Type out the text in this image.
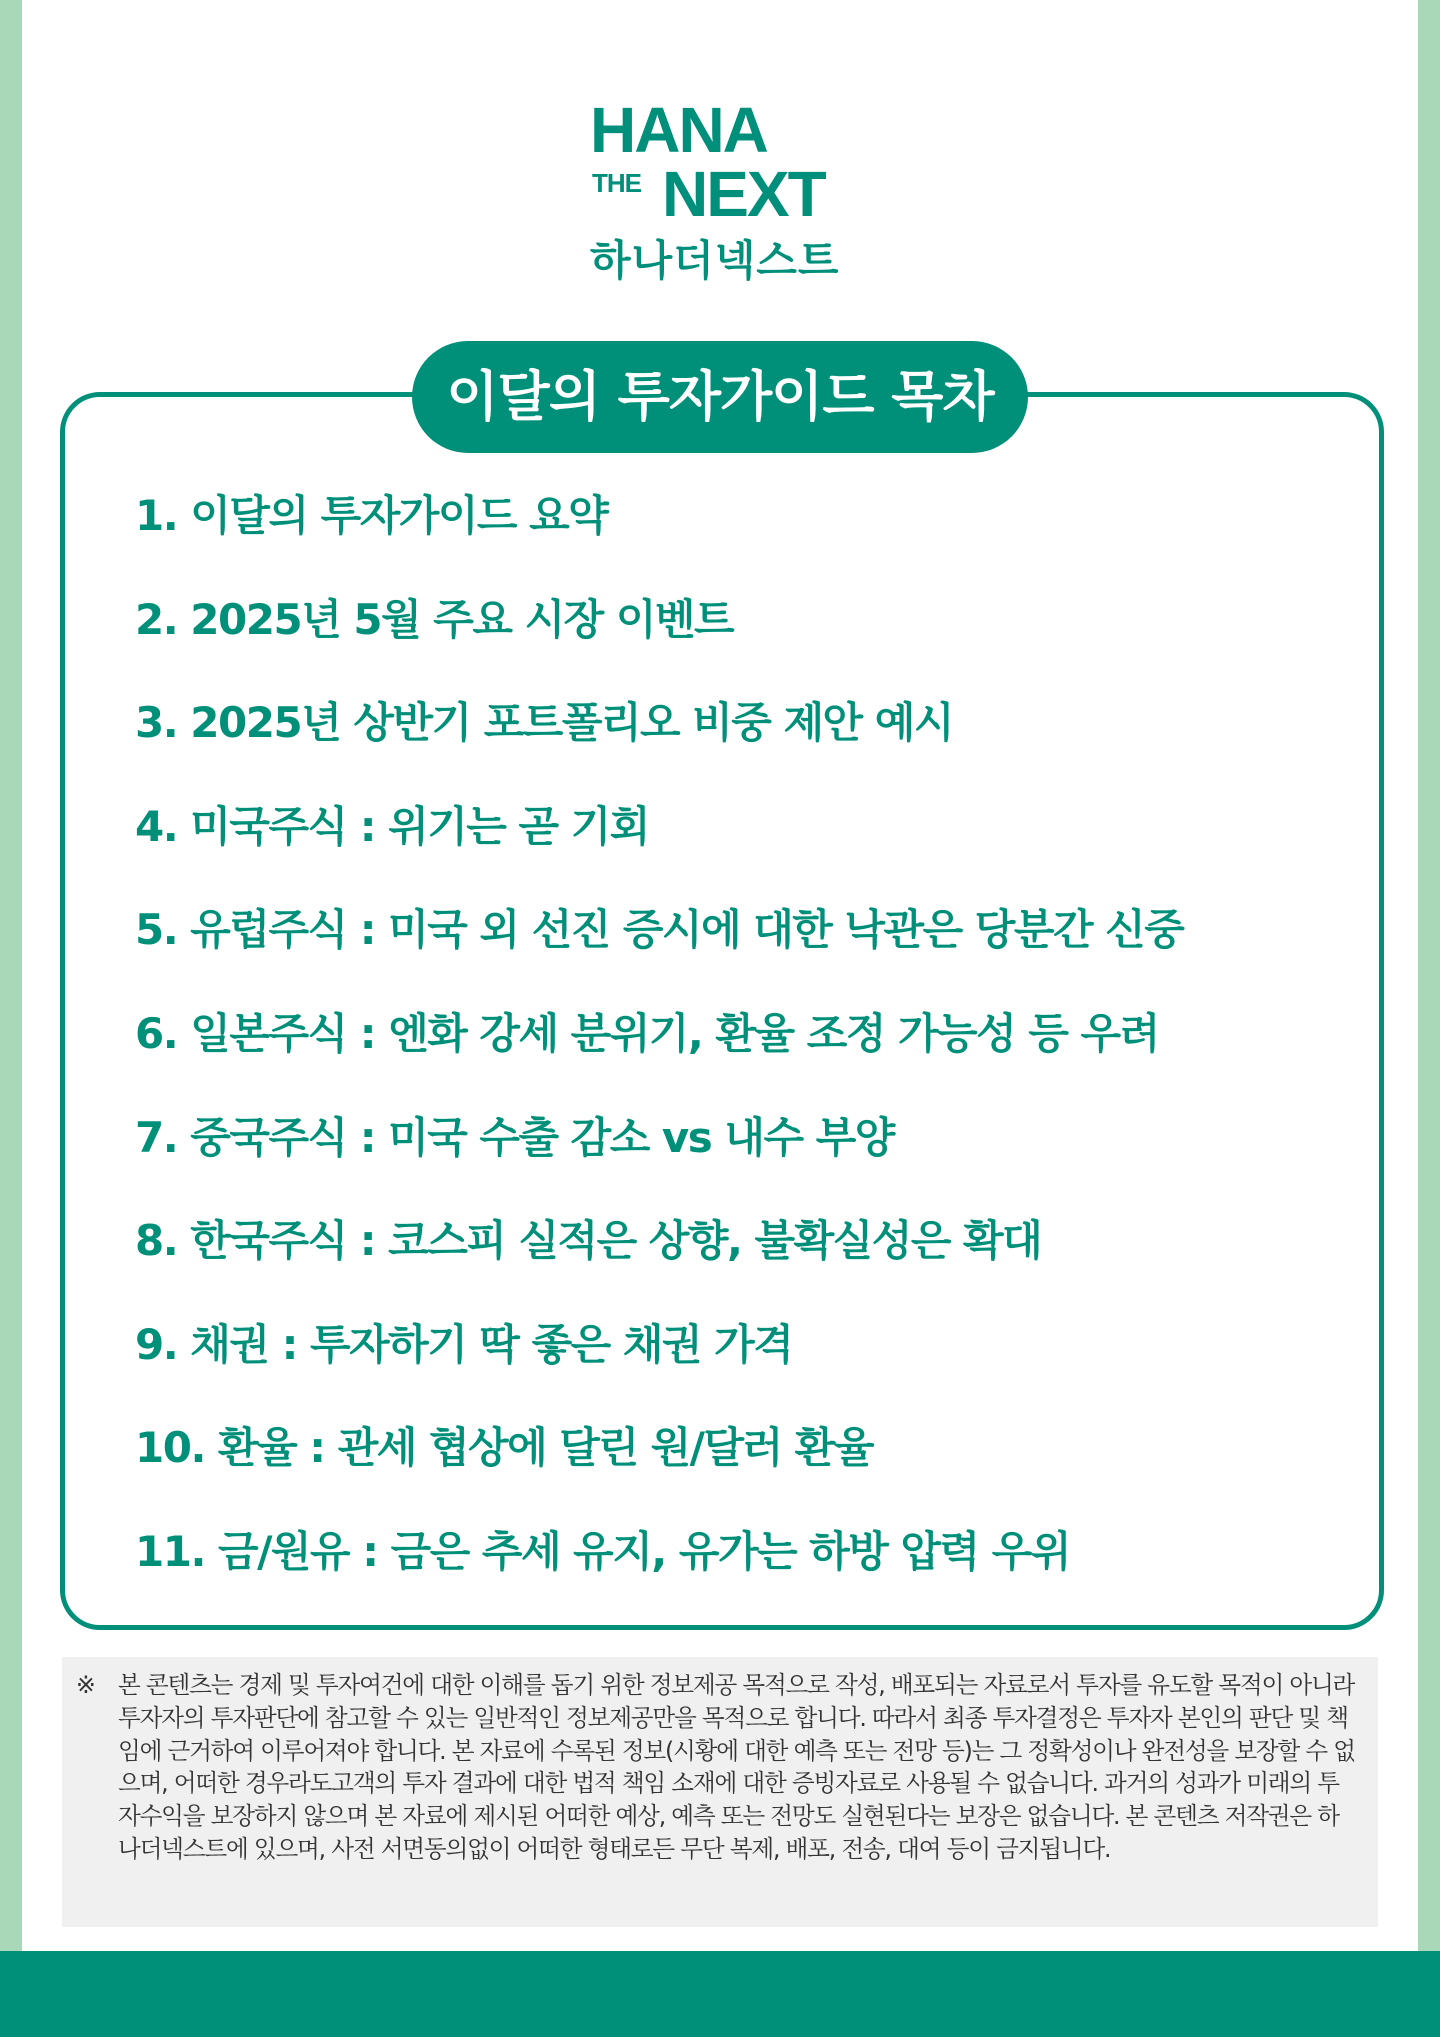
HANA
THE NEXT
하나더넥스트
이달의 투자가이드 목차
1. 이달의 투자가이드 요약
2. 2025년 5월 주요 시장 이벤트
3. 2025년 상반기 포트폴리오 비중 제안 예시
4. 미국주식 : 위기는 곧 기회
5. 유럽주식 : 미국 외 선진 증시에 대한 낙관은 당분간 신중
6. 일본주식 : 엔화 강세 분위기, 환율 조정 가능성 등 우려
7. 중국주식 : 미국 수출 감소 vs 내수 부양
8. 한국주식 : 코스피 실적은 상향, 불확실성은 확대
9. 채권 : 투자하기 딱 좋은 채권 가격
10. 환율 : 관세 협상에 달린 원/달러 환율
11. 금/원유 : 금은 추세 유지, 유가는 하방 압력 우위
※ 본 콘텐츠는 경제 및 투자여건에 대한 이해를 돕기 위한 정보제공 목적으로 작성, 배포되는 자료로서 투자를 유도할 목적이 아니라 투자자의 투자판단에 참고할 수 있는 일반적인 정보제공만을 목적으로 합니다. 따라서 최종 투자결정은 투자자 본인의 판단 및 책임에 근거하여 이루어져야 합니다. 본 자료에 수록된 정보(시황에 대한 예측 또는 전망 등)는 그 정확성이나 완전성을 보장할 수 없으며, 어떠한 경우라도고객의 투자 결과에 대한 법적 책임 소재에 대한 증빙자료로 사용될 수 없습니다. 과거의 성과가 미래의 투자수익을 보장하지 않으며 본 자료에 제시된 어떠한 예상, 예측 또는 전망도 실현된다는 보장은 없습니다. 본 콘텐츠 저작권은 하나더넥스트에 있으며, 사전 서면동의없이 어떠한 형태로든 무단 복제, 배포, 전송, 대여 등이 금지됩니다.
